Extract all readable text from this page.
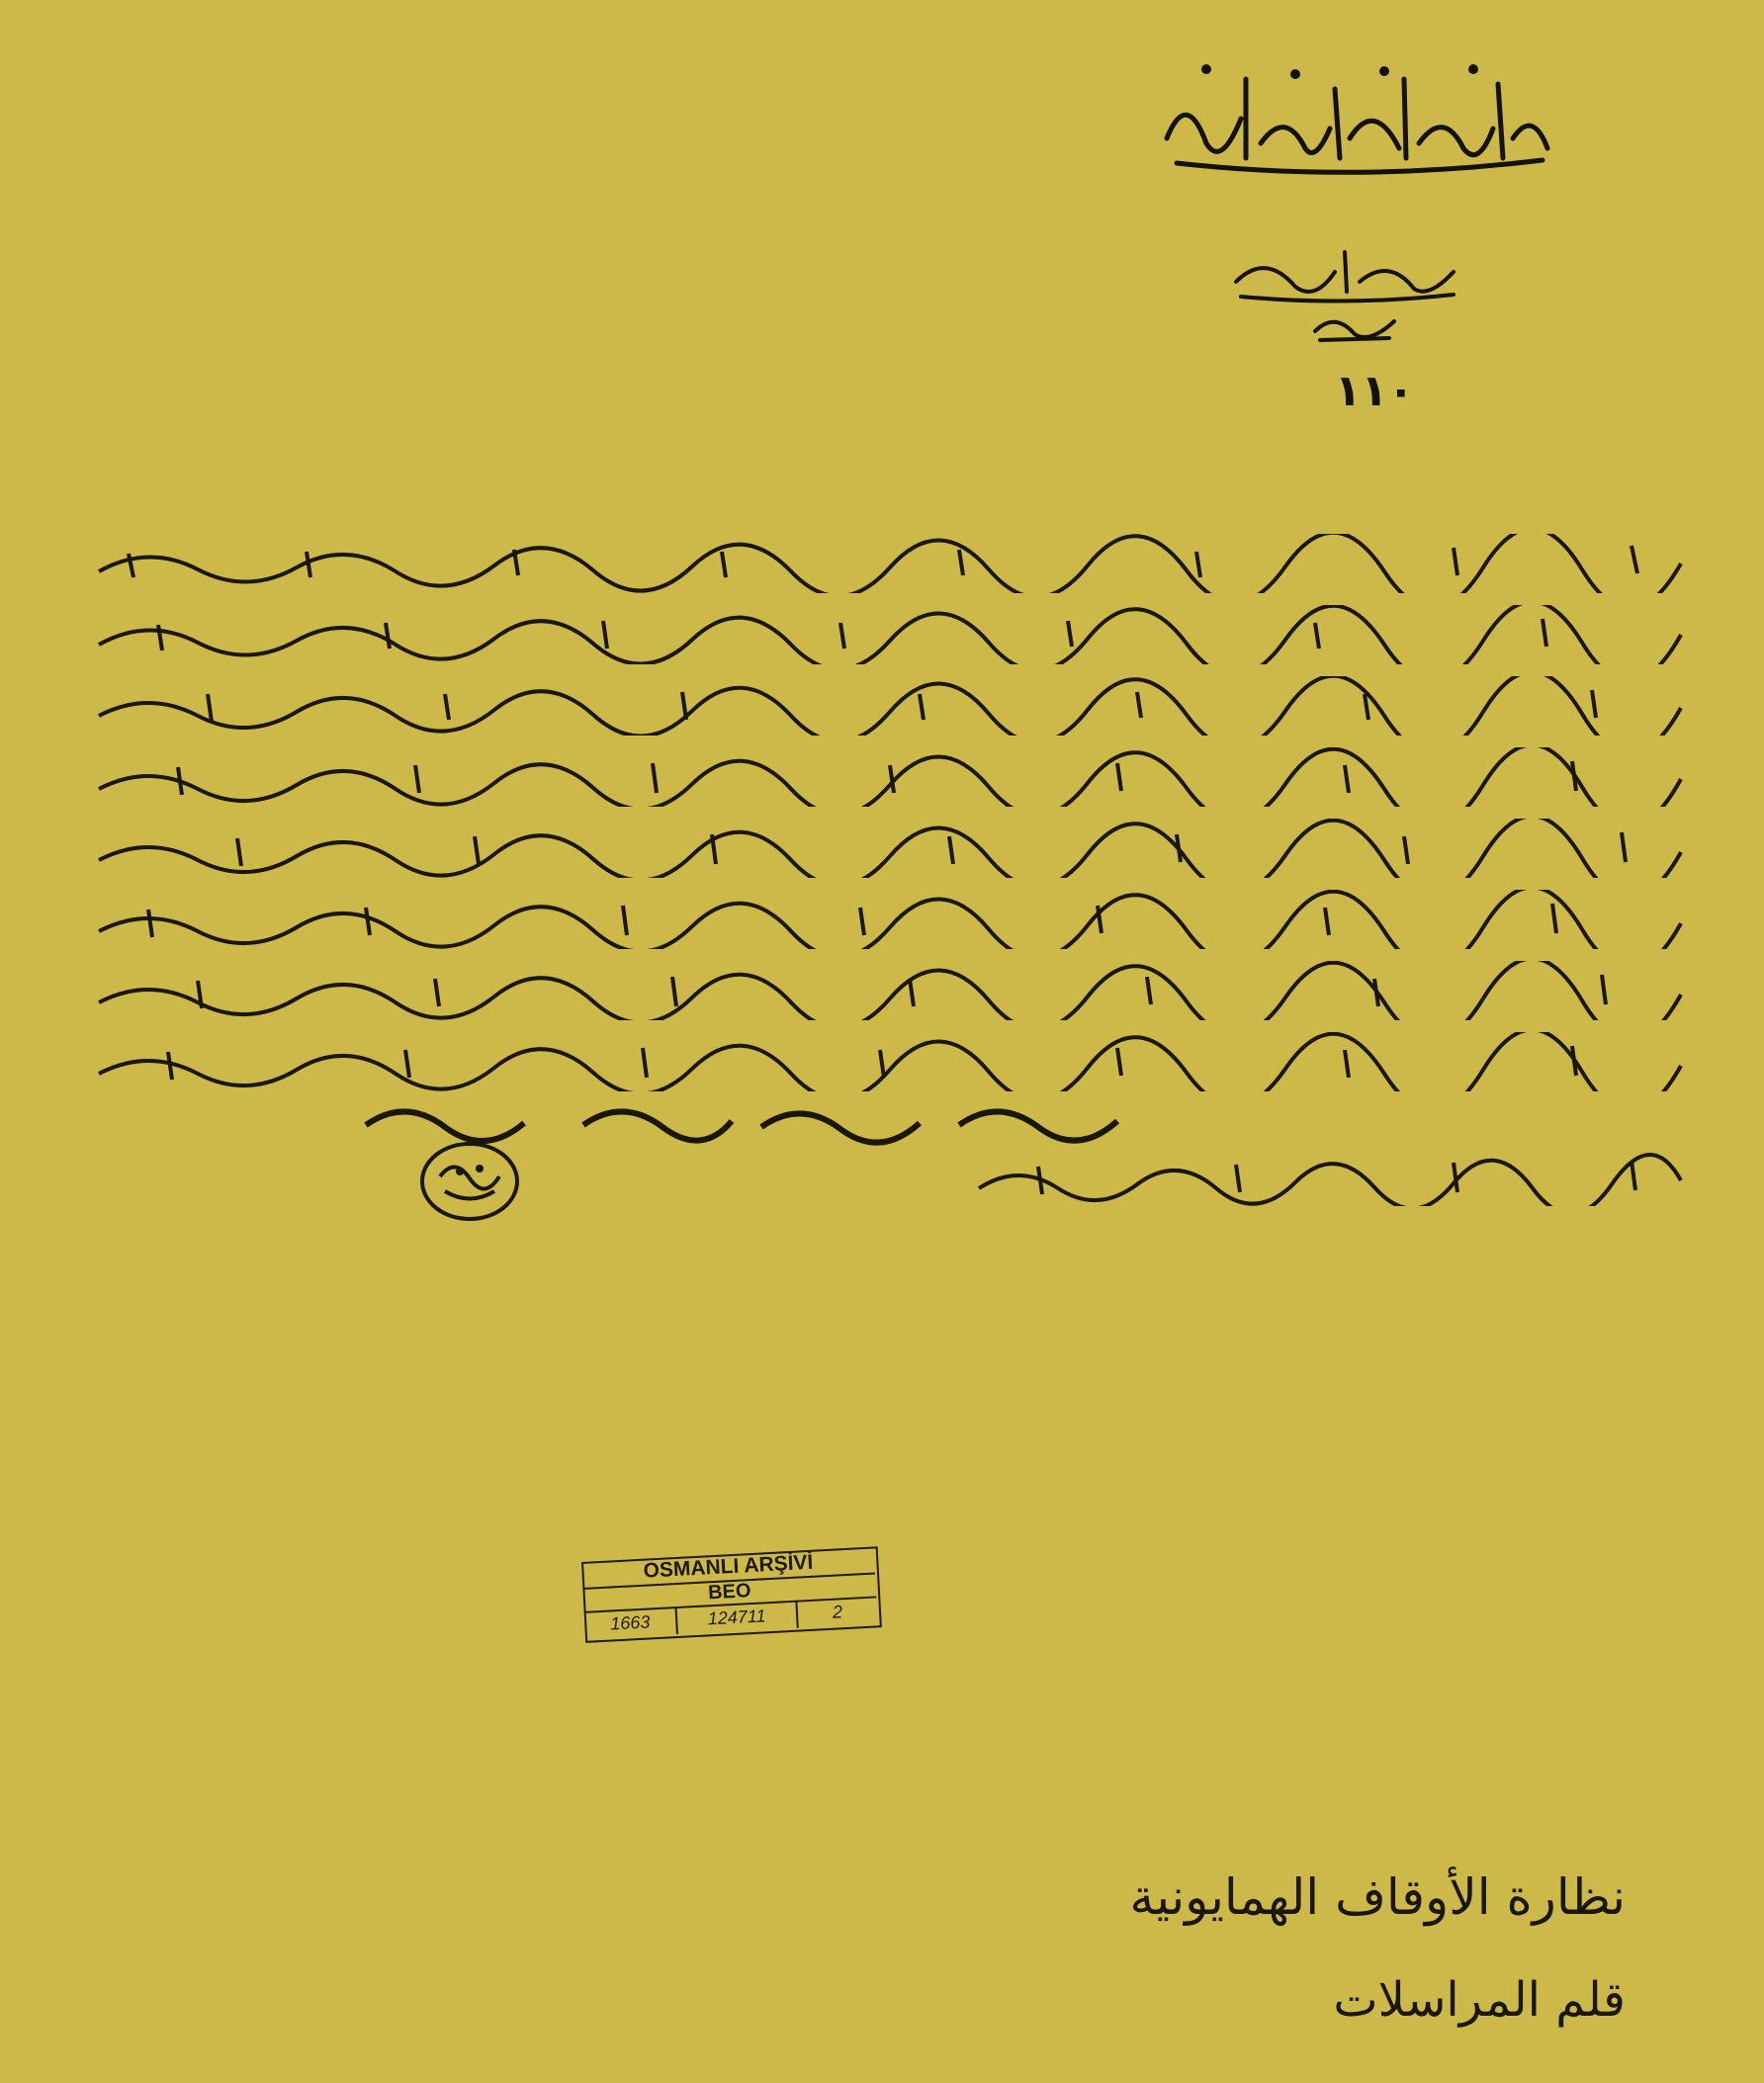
١١٠
OSMANLI ARŞİVİ
BEO
1663	124711	2
نظارة الأوقاف الهمايونية
قلم المراسلات
